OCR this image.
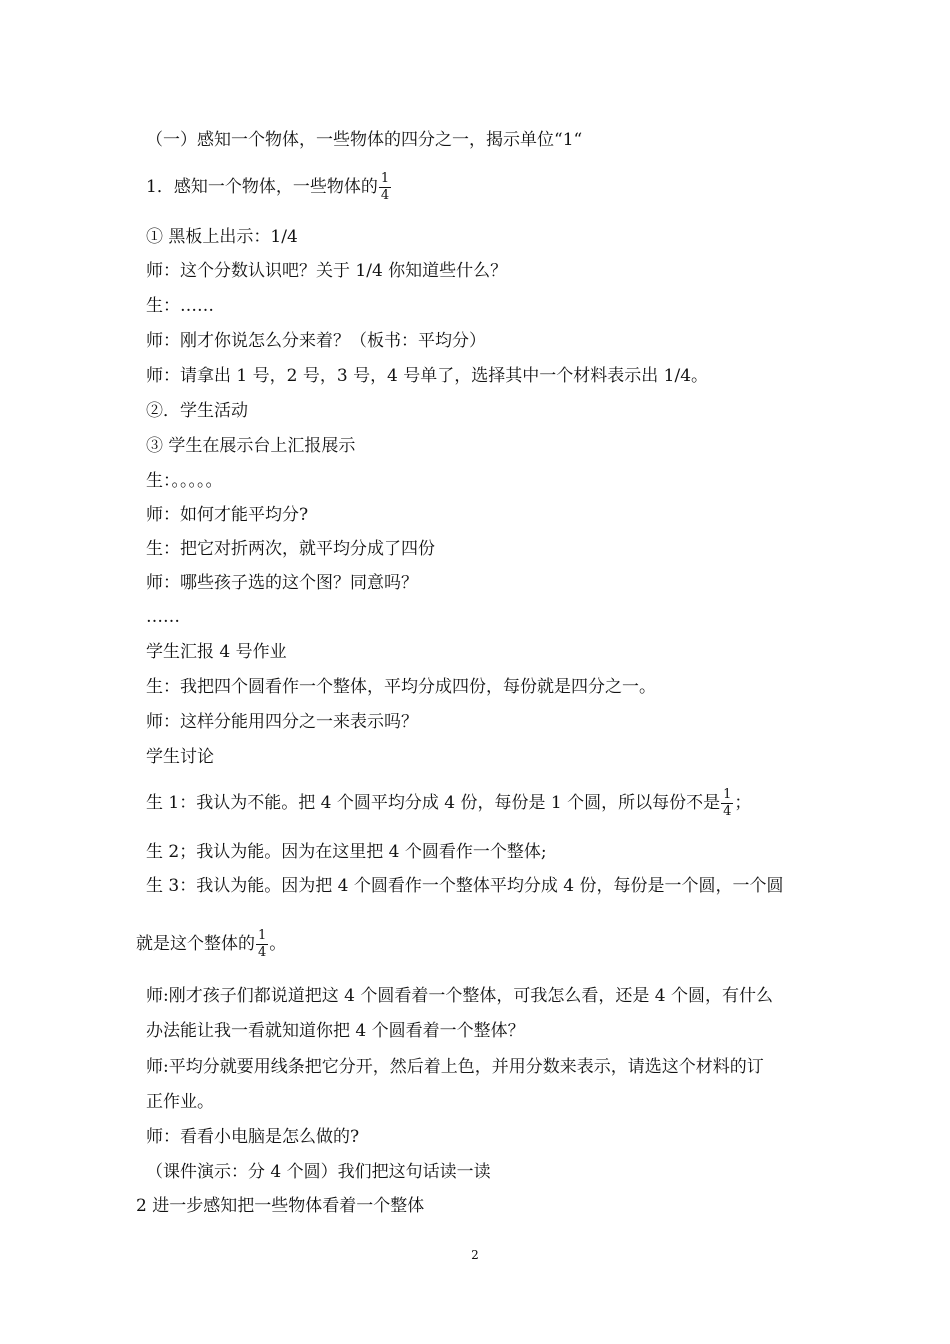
（一）感知一个物体，一些物体的四分之一，揭示单位“1“
1．感知一个物体，一些物体的 $\frac{1}{4}$
① 黑板上出示：1/4
师：这个分数认识吧？关于 1/4 你知道些什么？
生：……
师：刚才你说怎么分来着？（板书：平均分）
师：请拿出 1 号，2 号，3 号，4 号单了，选择其中一个材料表示出 1/4。
②．学生活动
③ 学生在展示台上汇报展示
生：。。。。。
师：如何才能平均分?
生：把它对折两次，就平均分成了四份
师：哪些孩子选的这个图？同意吗？
……
学生汇报 4 号作业
生：我把四个圆看作一个整体，平均分成四份，每份就是四分之一。
师：这样分能用四分之一来表示吗？
学生讨论
生 1：我认为不能。把 4 个圆平均分成 4 份，每份是 1 个圆，所以每份不是 $\frac{1}{4}$ ；
生 2；我认为能。因为在这里把 4 个圆看作一个整体;
生 3：我认为能。因为把 4 个圆看作一个整体平均分成 4 份，每份是一个圆，一个圆
就是这个整体的 $\frac{1}{4}$ 。
师:刚才孩子们都说道把这 4 个圆看着一个整体，可我怎么看，还是 4 个圆，有什么
办法能让我一看就知道你把 4 个圆看着一个整体？
师:平均分就要用线条把它分开，然后着上色，并用分数来表示，请选这个材料的订
正作业。
师：看看小电脑是怎么做的?
（课件演示：分 4 个圆）我们把这句话读一读
2 进一步感知把一些物体看着一个整体
2
